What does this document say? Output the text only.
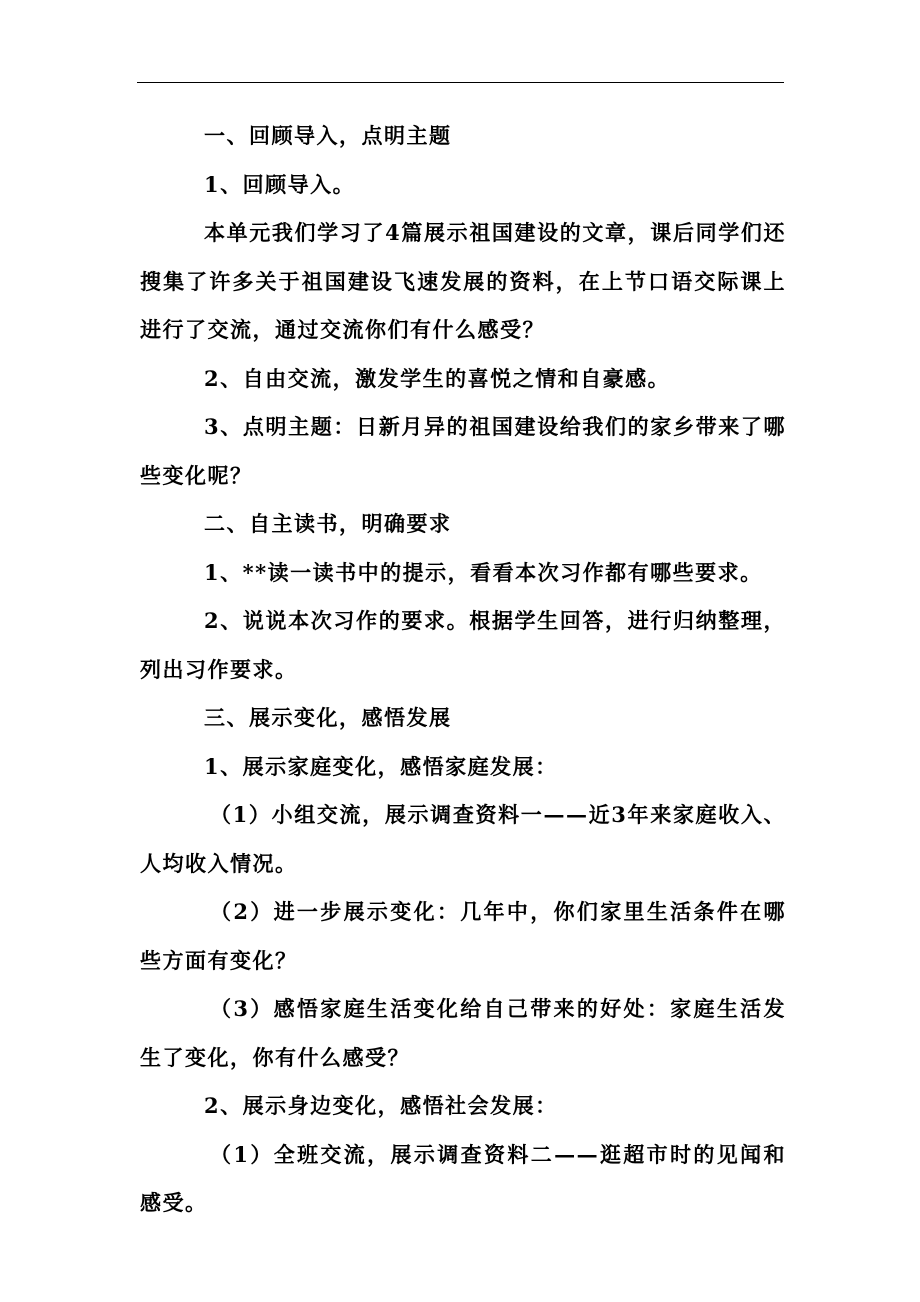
一、回顾导入，点明主题

1、回顾导入。

本单元我们学习了4篇展示祖国建设的文章，课后同学们还搜集了许多关于祖国建设飞速发展的资料，在上节口语交际课上进行了交流，通过交流你们有什么感受？

2、自由交流，激发学生的喜悦之情和自豪感。

3、点明主题：日新月异的祖国建设给我们的家乡带来了哪些变化呢？

二、自主读书，明确要求

1、**读一读书中的提示，看看本次习作都有哪些要求。

2、说说本次习作的要求。根据学生回答，进行归纳整理，列出习作要求。

三、展示变化，感悟发展

1、展示家庭变化，感悟家庭发展：

（1）小组交流，展示调查资料一——近3年来家庭收入、人均收入情况。

（2）进一步展示变化：几年中，你们家里生活条件在哪些方面有变化？

（3）感悟家庭生活变化给自己带来的好处：家庭生活发生了变化，你有什么感受？

2、展示身边变化，感悟社会发展：

（1）全班交流，展示调查资料二——逛超市时的见闻和感受。
